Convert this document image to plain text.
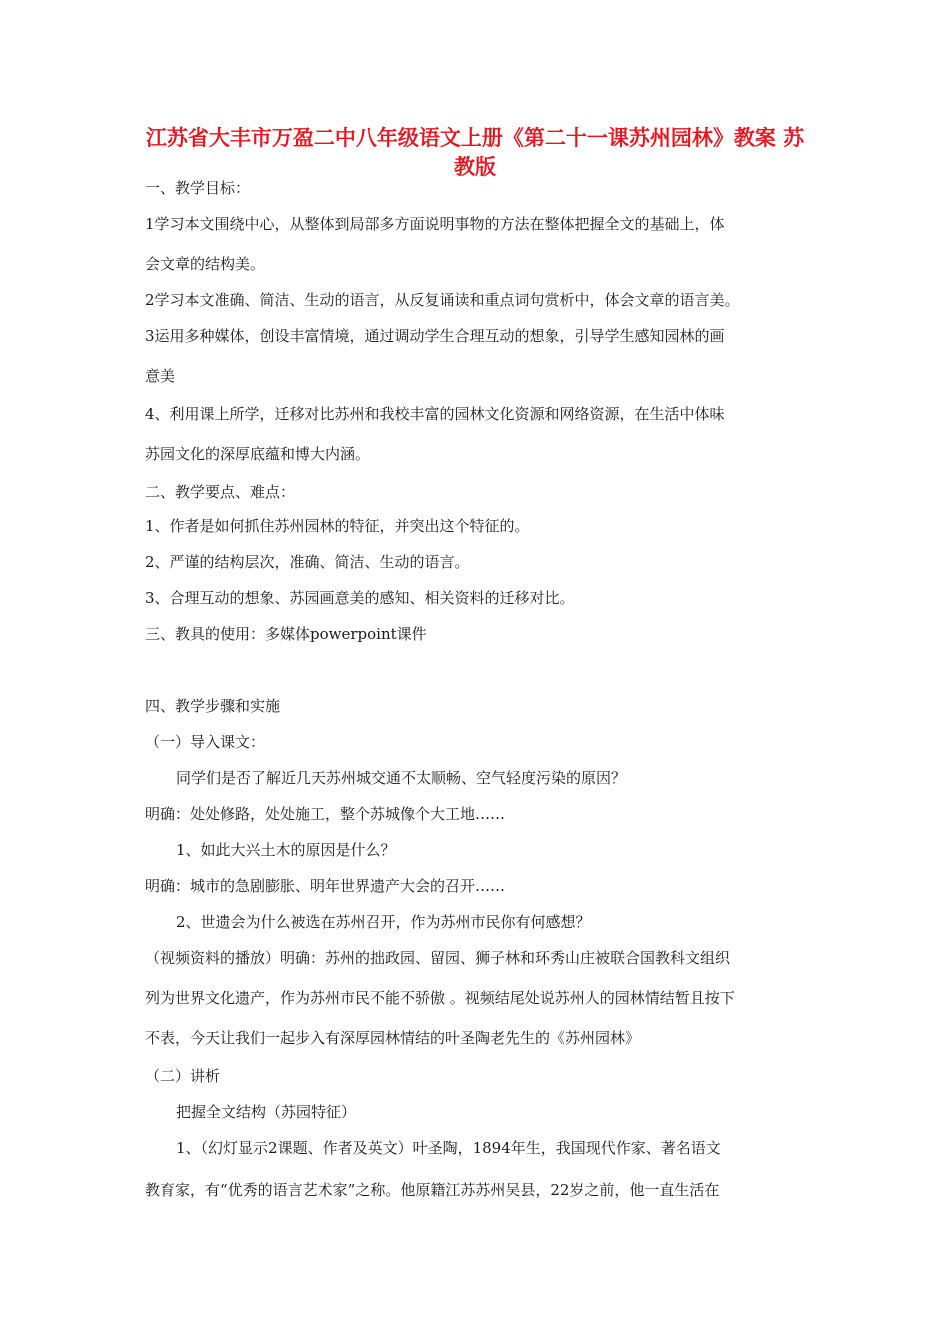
江苏省大丰市万盈二中八年级语文上册《第二十一课苏州园林》教案 苏教版
一、教学目标：
1学习本文围绕中心，从整体到局部多方面说明事物的方法在整体把握全文的基础上，体
会文章的结构美。
2学习本文准确、简洁、生动的语言，从反复诵读和重点词句赏析中，体会文章的语言美。
3运用多种媒体，创设丰富情境，通过调动学生合理互动的想象，引导学生感知园林的画
意美
4、利用课上所学，迁移对比苏州和我校丰富的园林文化资源和网络资源，在生活中体味
苏园文化的深厚底蕴和博大内涵。
二、教学要点、难点：
1、作者是如何抓住苏州园林的特征，并突出这个特征的。
2、严谨的结构层次，准确、简洁、生动的语言。
3、合理互动的想象、苏园画意美的感知、相关资料的迁移对比。
三、教具的使用：多媒体powerpoint课件
四、教学步骤和实施
（一）导入课文：
同学们是否了解近几天苏州城交通不太顺畅、空气轻度污染的原因？
明确：处处修路，处处施工，整个苏城像个大工地……
1、如此大兴土木的原因是什么？
明确：城市的急剧膨胀、明年世界遗产大会的召开……
2、世遗会为什么被选在苏州召开，作为苏州市民你有何感想？
（视频资料的播放）明确：苏州的拙政园、留园、狮子林和环秀山庄被联合国教科文组织
列为世界文化遗产，作为苏州市民不能不骄傲 。视频结尾处说苏州人的园林情结暂且按下
不表，今天让我们一起步入有深厚园林情结的叶圣陶老先生的《苏州园林》
（二）讲析
把握全文结构（苏园特征）
1、（幻灯显示2课题、作者及英文）叶圣陶，1894年生，我国现代作家、著名语文
教育家，有“优秀的语言艺术家”之称。他原籍江苏苏州吴县，22岁之前，他一直生活在
